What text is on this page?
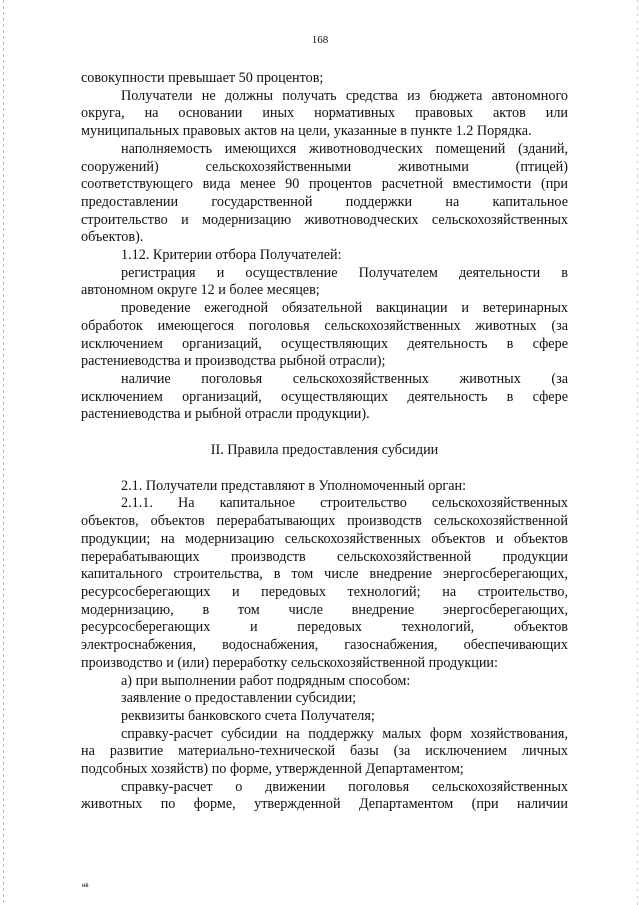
168

совокупности превышает 50 процентов;

Получатели не должны получать средства из бюджета автономного

округа, на основании иных нормативных правовых актов или

муниципальных правовых актов на цели, указанные в пункте 1.2 Порядка.

наполняемость имеющихся животноводческих помещений (зданий,

сооружений) сельскохозяйственными животными (птицей)

соответствующего вида менее 90 процентов расчетной вместимости (при

предоставлении государственной поддержки на капитальное

строительство и модернизацию животноводческих сельскохозяйственных

объектов).

1.12. Критерии отбора Получателей:

регистрация и осуществление Получателем деятельности в

автономном округе 12 и более месяцев;

проведение ежегодной обязательной вакцинации и ветеринарных

обработок имеющегося поголовья сельскохозяйственных животных (за

исключением организаций, осуществляющих деятельность в сфере

растениеводства и производства рыбной отрасли);

наличие поголовья сельскохозяйственных животных (за

исключением организаций, осуществляющих деятельность в сфере

растениеводства и рыбной отрасли продукции).

II. Правила предоставления субсидии

2.1. Получатели представляют в Уполномоченный орган:

2.1.1. На капитальное строительство сельскохозяйственных

объектов, объектов перерабатывающих производств сельскохозяйственной

продукции; на модернизацию сельскохозяйственных объектов и объектов

перерабатывающих производств сельскохозяйственной продукции

капитального строительства, в том числе внедрение энергосберегающих,

ресурсосберегающих и передовых технологий; на строительство,

модернизацию, в том числе внедрение энергосберегающих,

ресурсосберегающих и передовых технологий, объектов

электроснабжения, водоснабжения, газоснабжения, обеспечивающих

производство и (или) переработку сельскохозяйственной продукции:

а) при выполнении работ подрядным способом:

заявление о предоставлении субсидии;

реквизиты банковского счета Получателя;

справку-расчет субсидии на поддержку малых форм хозяйствования,

на развитие материально-технической базы (за исключением личных

подсобных хозяйств) по форме, утвержденной Департаментом;

справку-расчет о движении поголовья сельскохозяйственных

животных по форме, утвержденной Департаментом (при наличии

нв
